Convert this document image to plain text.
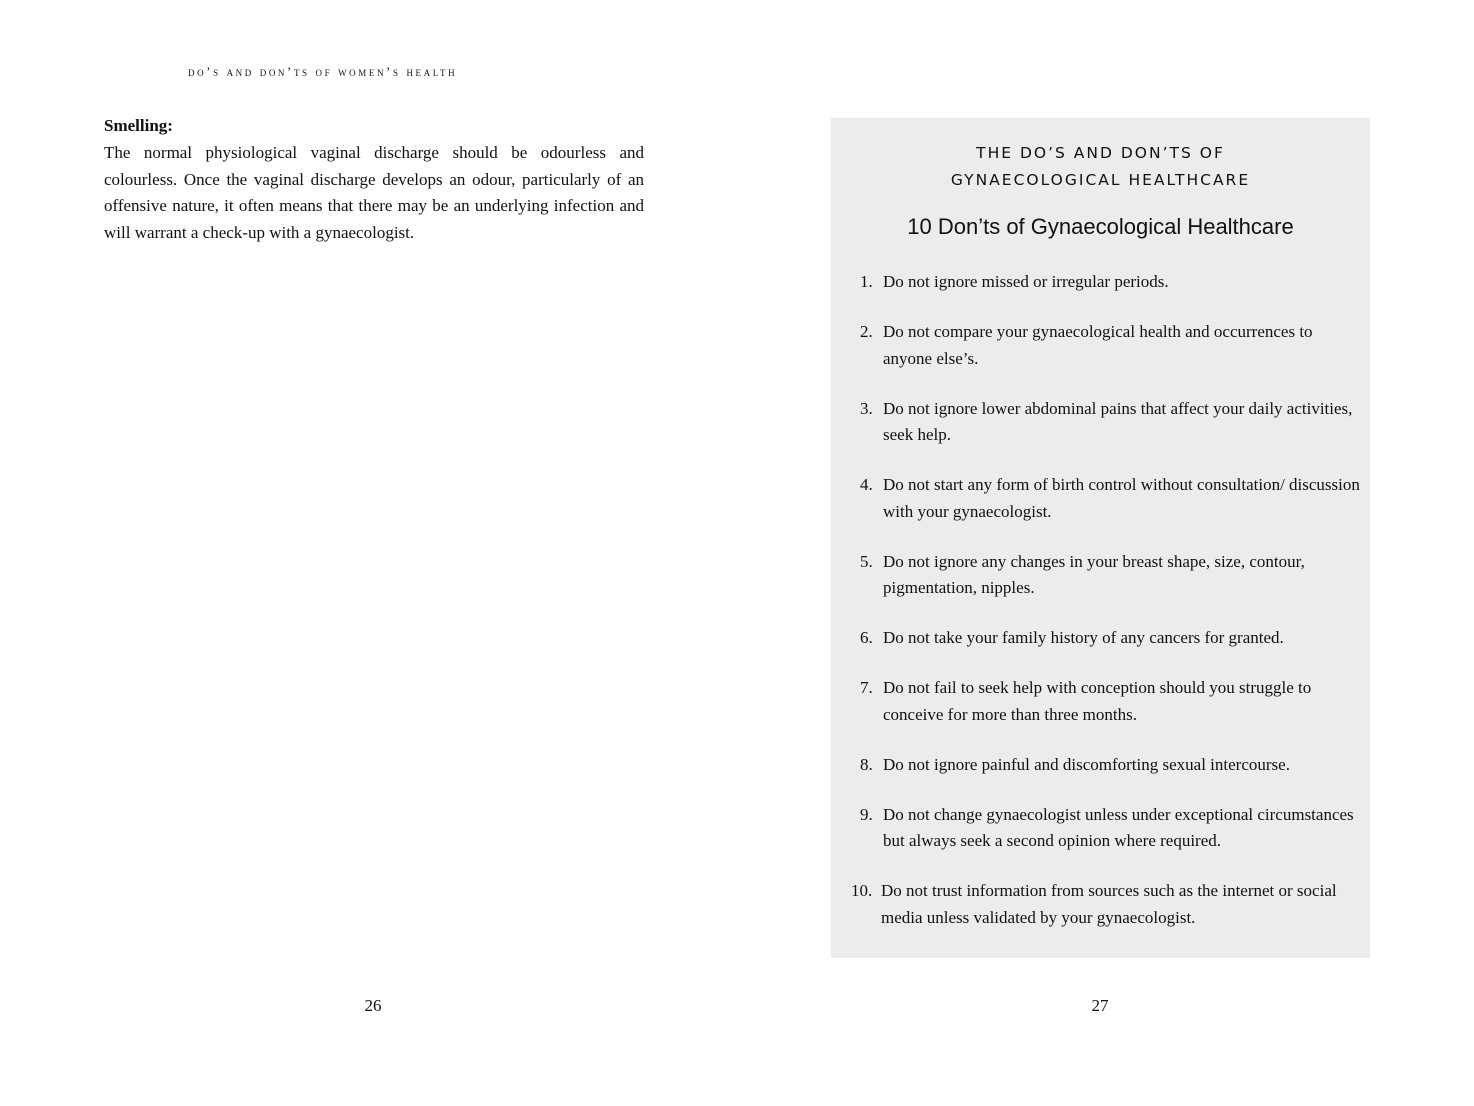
do’s and don’ts of women’s health

Smelling:

The normal physiological vaginal discharge should be odourless and colourless. Once the vaginal discharge develops an odour, particularly of an offensive nature, it often means that there may be an underlying infection and will warrant a check-up with a gynaecologist.

26
THE DO’S AND DON’TS OF
GYNAECOLOGICAL HEALTHCARE
10 Don’ts of Gynaecological Healthcare
1. Do not ignore missed or irregular periods.
2. Do not compare your gynaecological health and occurrences to anyone else’s.
3. Do not ignore lower abdominal pains that affect your daily activities, seek help.
4. Do not start any form of birth control without consultation/ discussion with your gynaecologist.
5. Do not ignore any changes in your breast shape, size, contour, pigmentation, nipples.
6. Do not take your family history of any cancers for granted.
7. Do not fail to seek help with conception should you struggle to conceive for more than three months.
8. Do not ignore painful and discomforting sexual intercourse.
9. Do not change gynaecologist unless under exceptional circumstances but always seek a second opinion where required.
10. Do not trust information from sources such as the internet or social media unless validated by your gynaecologist.
27
